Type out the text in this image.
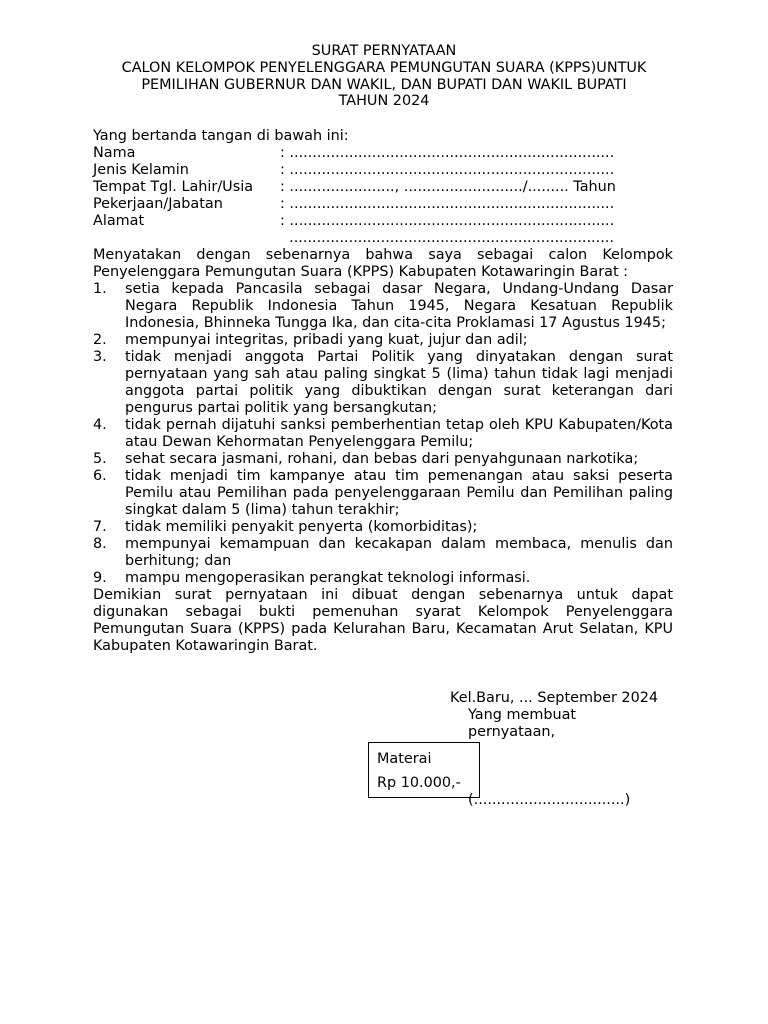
SURAT PERNYATAAN
CALON KELOMPOK PENYELENGGARA PEMUNGUTAN SUARA (KPPS)UNTUK
PEMILIHAN GUBERNUR DAN WAKIL, DAN BUPATI DAN WAKIL BUPATI
TAHUN 2024
Yang bertanda tangan di bawah ini:
Nama	: .......................................................................
Jenis Kelamin	: .......................................................................
Tempat Tgl. Lahir/Usia	: ......................., ........................../......... Tahun
Pekerjaan/Jabatan	: .......................................................................
Alamat	: .......................................................................
.......................................................................
Menyatakan dengan sebenarnya bahwa saya sebagai calon Kelompok Penyelenggara Pemungutan Suara (KPPS) Kabupaten Kotawaringin Barat :
1.	setia kepada Pancasila sebagai dasar Negara, Undang-Undang Dasar Negara Republik Indonesia Tahun 1945, Negara Kesatuan Republik Indonesia, Bhinneka Tungga Ika, dan cita-cita Proklamasi 17 Agustus 1945;
2.	mempunyai integritas, pribadi yang kuat, jujur dan adil;
3.	tidak menjadi anggota Partai Politik yang dinyatakan dengan surat pernyataan yang sah atau paling singkat 5 (lima) tahun tidak lagi menjadi anggota partai politik yang dibuktikan dengan surat keterangan dari pengurus partai politik yang bersangkutan;
4.	tidak pernah dijatuhi sanksi pemberhentian tetap oleh KPU Kabupaten/Kota atau Dewan Kehormatan Penyelenggara Pemilu;
5.	sehat secara jasmani, rohani, dan bebas dari penyahgunaan narkotika;
6.	tidak menjadi tim kampanye atau tim pemenangan atau saksi peserta Pemilu atau Pemilihan pada penyelenggaraan Pemilu dan Pemilihan paling singkat dalam 5 (lima) tahun terakhir;
7.	tidak memiliki penyakit penyerta (komorbiditas);
8.	mempunyai kemampuan dan kecakapan dalam membaca, menulis dan berhitung; dan
9.	mampu mengoperasikan perangkat teknologi informasi.
Demikian surat pernyataan ini dibuat dengan sebenarnya untuk dapat digunakan sebagai bukti pemenuhan syarat Kelompok Penyelenggara Pemungutan Suara (KPPS) pada Kelurahan Baru, Kecamatan Arut Selatan, KPU Kabupaten Kotawaringin Barat.
Kel.Baru, ... September 2024
Yang membuat
pernyataan,
Materai
Rp 10.000,-
(.................................)
